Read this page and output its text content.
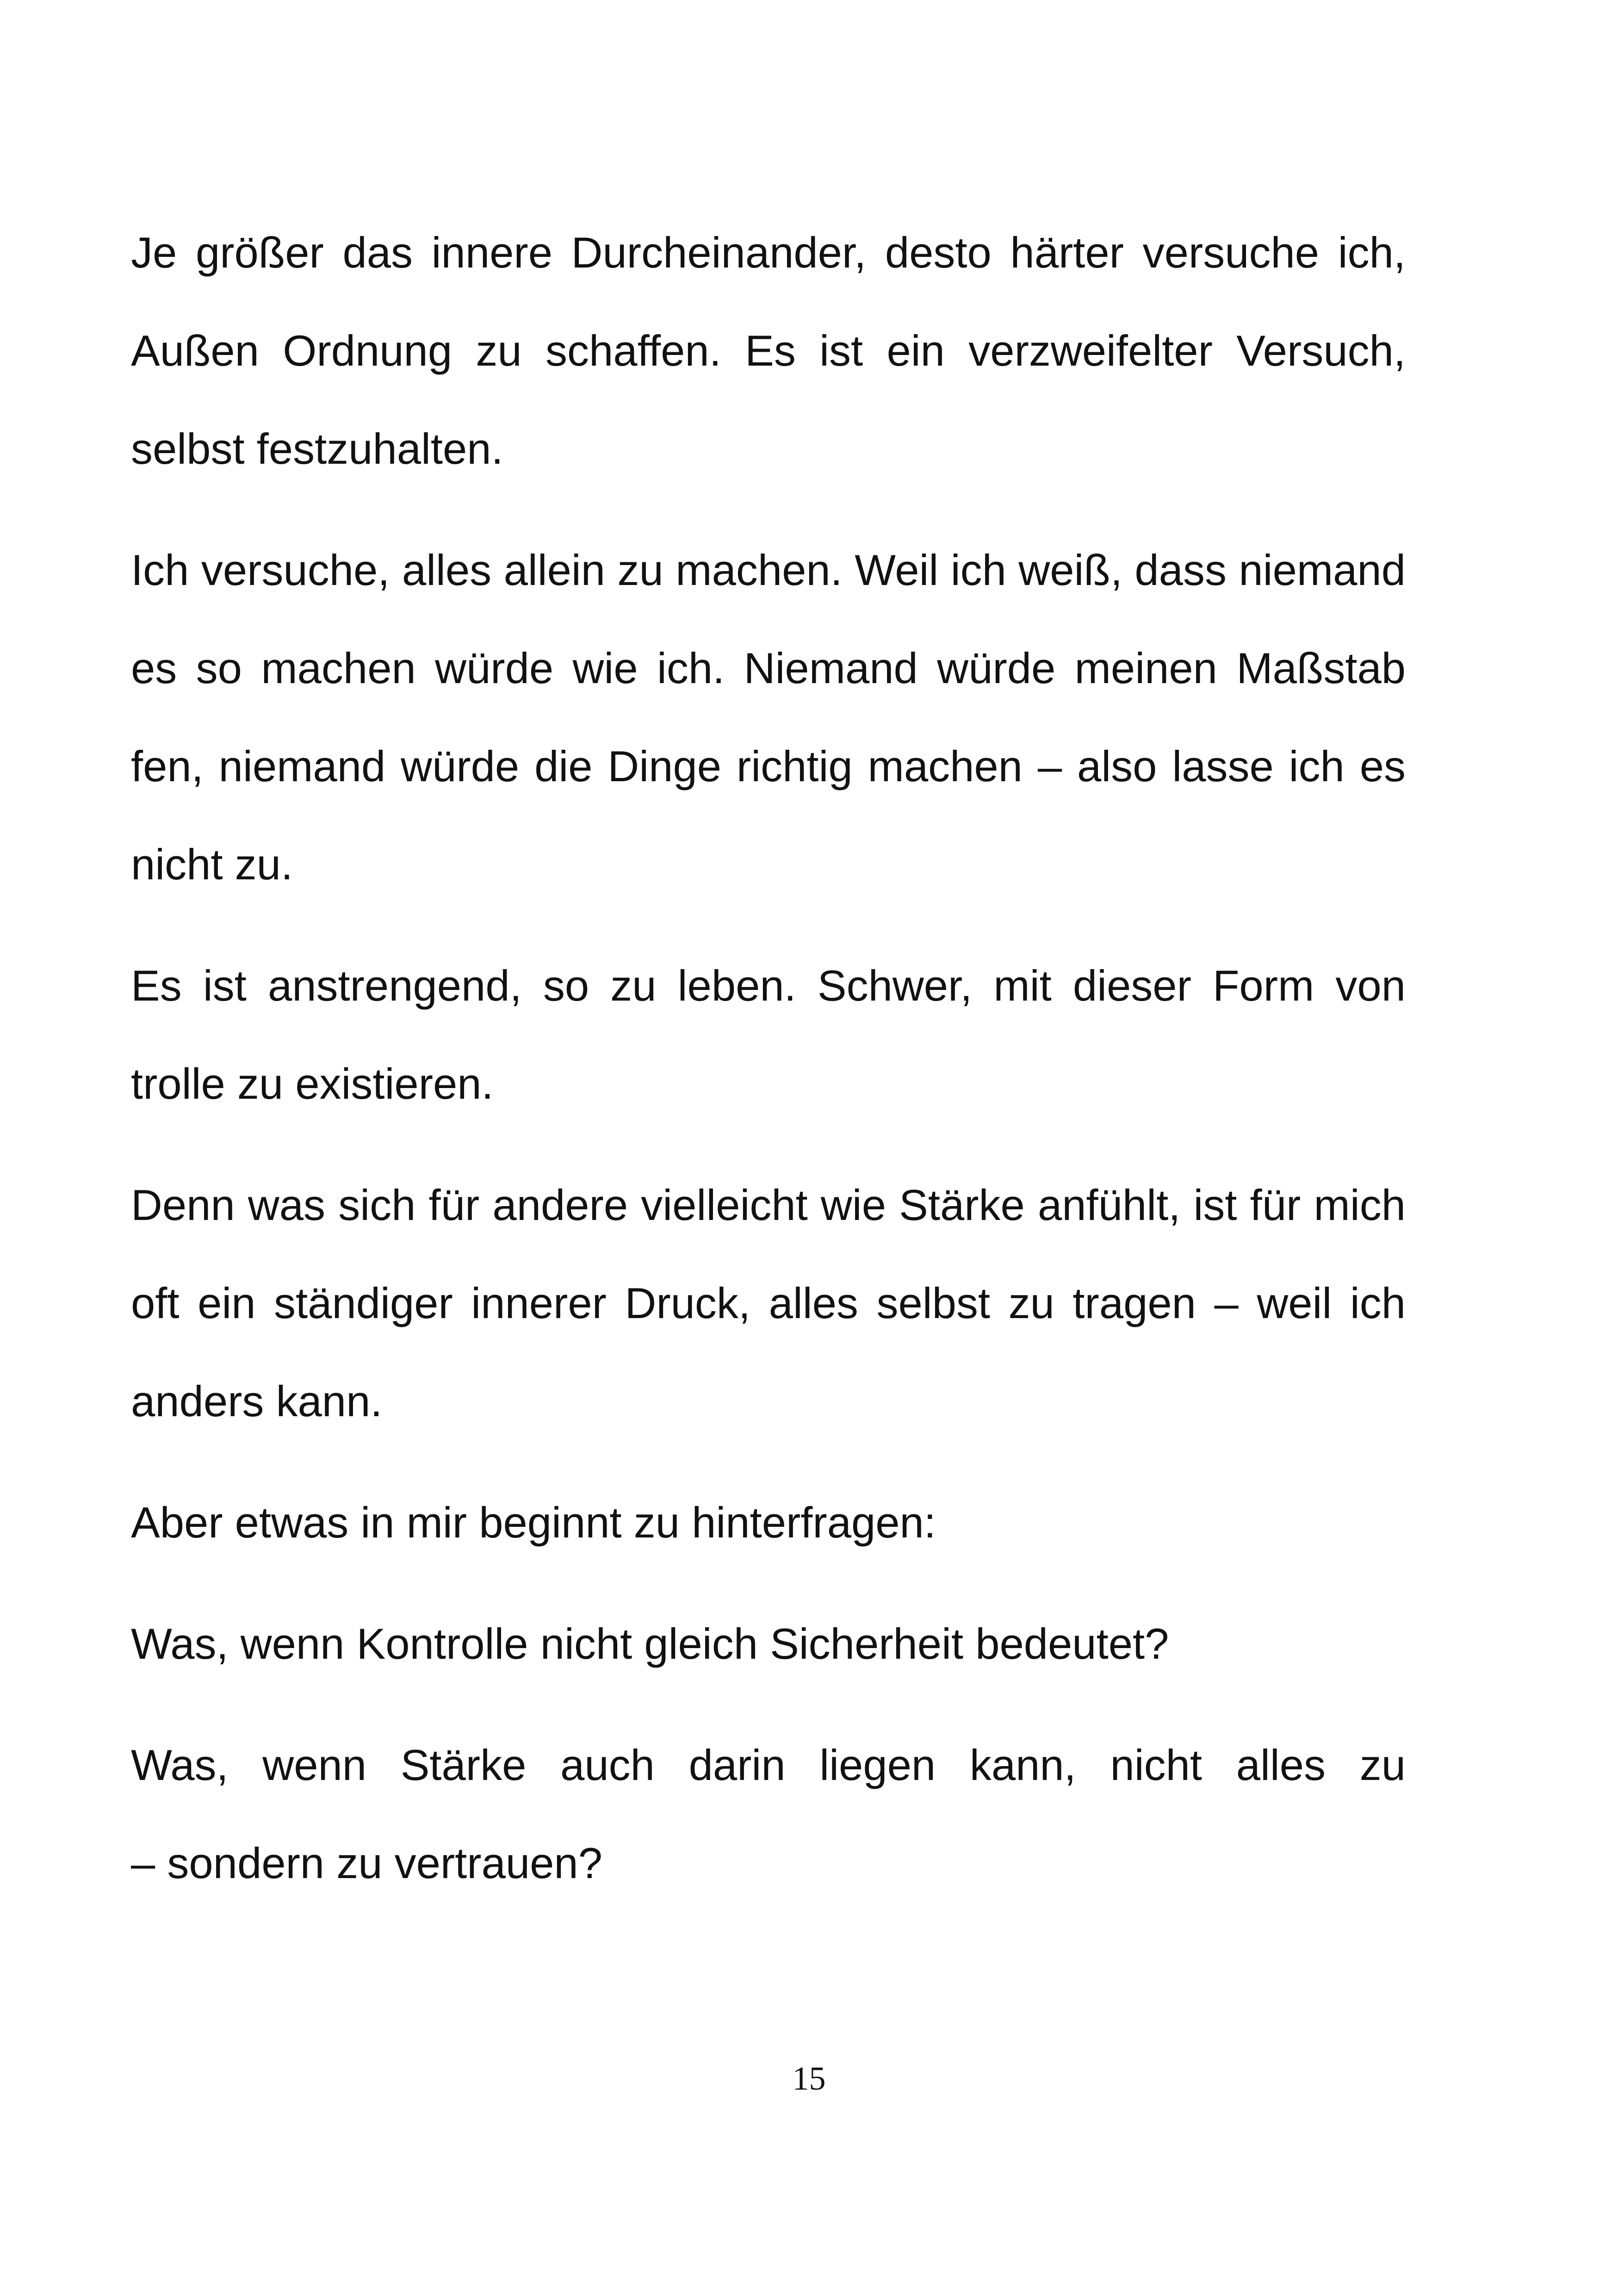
Je größer das innere Durcheinander, desto härter versuche ich,
Außen Ordnung zu schaffen. Es ist ein verzweifelter Versuch,
selbst festzuhalten.

Ich versuche, alles allein zu machen. Weil ich weiß, dass niemand
es so machen würde wie ich. Niemand würde meinen Maßstab
fen, niemand würde die Dinge richtig machen – also lasse ich es
nicht zu.

Es ist anstrengend, so zu leben. Schwer, mit dieser Form von
trolle zu existieren.

Denn was sich für andere vielleicht wie Stärke anfühlt, ist für mich
oft ein ständiger innerer Druck, alles selbst zu tragen – weil ich
anders kann.

Aber etwas in mir beginnt zu hinterfragen:

Was, wenn Kontrolle nicht gleich Sicherheit bedeutet?

Was, wenn Stärke auch darin liegen kann, nicht alles zu
– sondern zu vertrauen?

15
